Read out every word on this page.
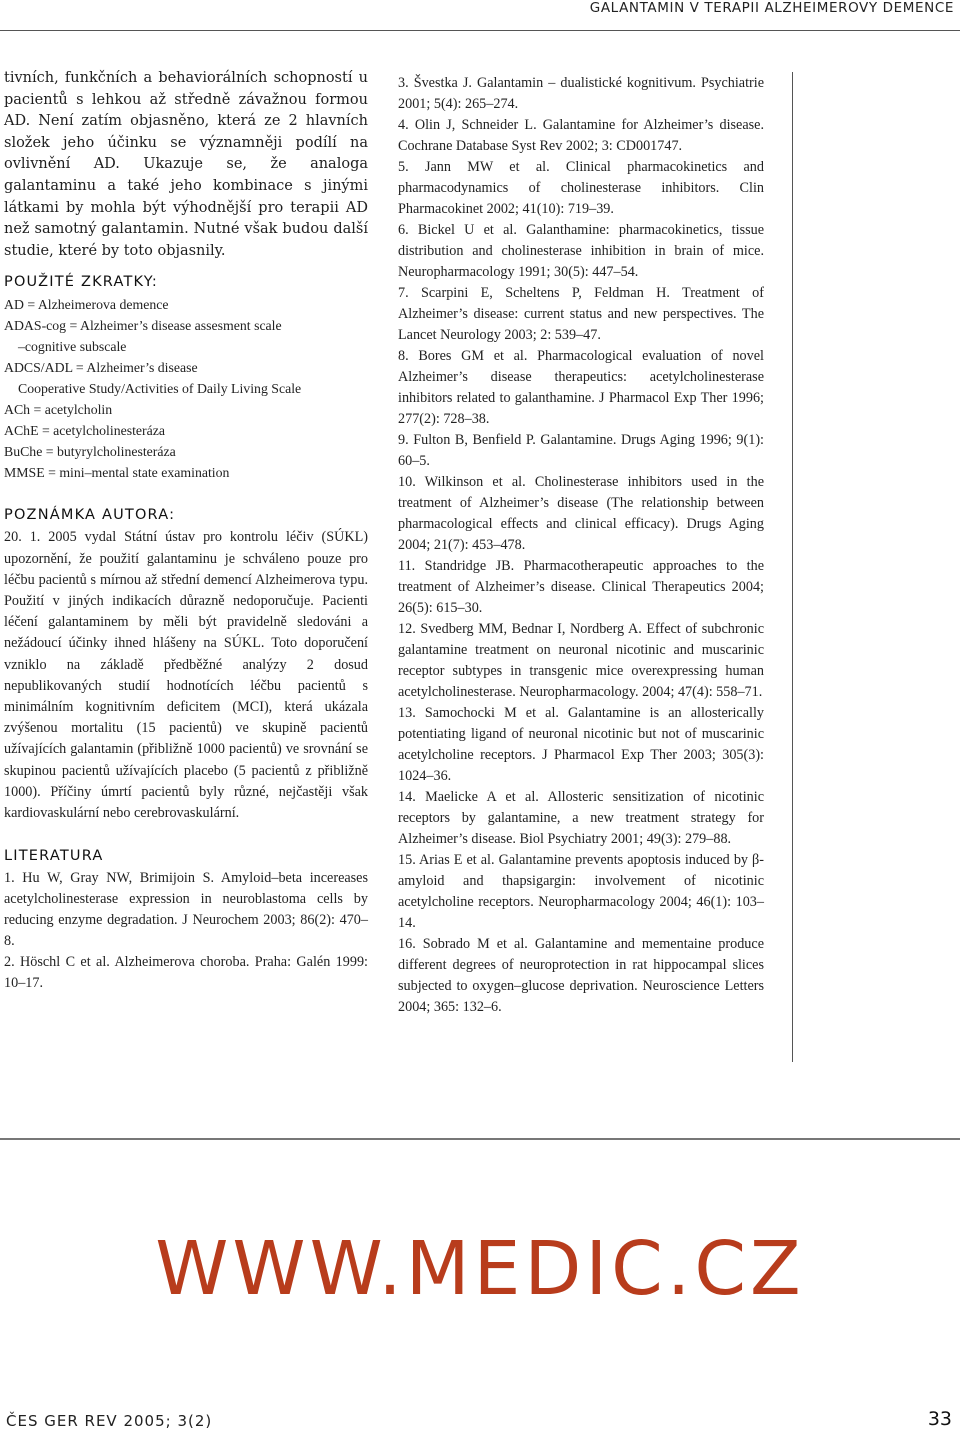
GALANTAMIN V TERAPII ALZHEIMEROVY DEMENCE

tivních, funkčních a behaviorálních schopností u pacientů s lehkou až středně závažnou formou AD. Není zatím objasněno, která ze 2 hlavních složek jeho účinku se významněji podílí na ovlivnění AD. Ukazuje se, že analoga galantaminu a také jeho kombinace s jinými látkami by mohla být výhodnější pro terapii AD než samotný galantamin. Nutné však budou další studie, které by toto objasnily.

POUŽITÉ ZKRATKY:
AD = Alzheimerova demence
ADAS-cog = Alzheimer’s disease assesment scale
–cognitive subscale
ADCS/ADL = Alzheimer’s disease
Cooperative Study/Activities of Daily Living Scale
ACh = acetylcholin
AChE = acetylcholinesteráza
BuChe = butyrylcholinesteráza
MMSE = mini–mental state examination
POZNÁMKA AUTORA:

20. 1. 2005 vydal Státní ústav pro kontrolu léčiv (SÚKL) upozornění, že použití galantaminu je schváleno pouze pro léčbu pacientů s mírnou až střední demencí Alzheimerova typu. Použití v jiných indikacích důrazně nedoporučuje. Pacienti léčení galantaminem by měli být pravidelně sledováni a nežádoucí účinky ihned hlášeny na SÚKL. Toto doporučení vzniklo na základě předběžné analýzy 2 dosud nepublikovaných studií hodnotících léčbu pacientů s minimálním kognitivním deficitem (MCI), která ukázala zvýšenou mortalitu (15 pacientů) ve skupině pacientů užívajících galantamin (přibližně 1000 pacientů) ve srovnání se skupinou pacientů užívajících placebo (5 pacientů z přibližně 1000). Příčiny úmrtí pacientů byly různé, nejčastěji však kardiovaskulární nebo cerebrovaskulární.

LITERATURA
1. Hu W, Gray NW, Brimijoin S. Amyloid–beta incereases acetylcholinesterase expression in neuroblastoma cells by reducing enzyme degradation. J Neurochem 2003; 86(2): 470–8.
2. Höschl C et al. Alzheimerova choroba. Praha: Galén 1999: 10–17.
3. Švestka J. Galantamin – dualistické kognitivum. Psychiatrie 2001; 5(4): 265–274.
4. Olin J, Schneider L. Galantamine for Alzheimer’s disease. Cochrane Database Syst Rev 2002; 3: CD001747.
5. Jann MW et al. Clinical pharmacokinetics and pharmacodynamics of cholinesterase inhibitors. Clin Pharmacokinet 2002; 41(10): 719–39.
6. Bickel U et al. Galanthamine: pharmacokinetics, tissue distribution and cholinesterase inhibition in brain of mice. Neuropharmacology 1991; 30(5): 447–54.
7. Scarpini E, Scheltens P, Feldman H. Treatment of Alzheimer’s disease: current status and new perspectives. The Lancet Neurology 2003; 2: 539–47.
8. Bores GM et al. Pharmacological evaluation of novel Alzheimer’s disease therapeutics: acetylcholinesterase inhibitors related to galanthamine. J Pharmacol Exp Ther 1996; 277(2): 728–38.
9. Fulton B, Benfield P. Galantamine. Drugs Aging 1996; 9(1): 60–5.
10. Wilkinson et al. Cholinesterase inhibitors used in the treatment of Alzheimer’s disease (The relationship between pharmacological effects and clinical efficacy). Drugs Aging 2004; 21(7): 453–478.
11. Standridge JB. Pharmacotherapeutic approaches to the treatment of Alzheimer’s disease. Clinical Therapeutics 2004; 26(5): 615–30.
12. Svedberg MM, Bednar I, Nordberg A. Effect of subchronic galantamine treatment on neuronal nicotinic and muscarinic receptor subtypes in transgenic mice overexpressing human acetylcholinesterase. Neuropharmacology. 2004; 47(4): 558–71.
13. Samochocki M et al. Galantamine is an allosterically potentiating ligand of neuronal nicotinic but not of muscarinic acetylcholine receptors. J Pharmacol Exp Ther 2003; 305(3): 1024–36.
14. Maelicke A et al. Allosteric sensitization of nicotinic receptors by galantamine, a new treatment strategy for Alzheimer’s disease. Biol Psychiatry 2001; 49(3): 279–88.
15. Arias E et al. Galantamine prevents apoptosis induced by β-amyloid and thapsigargin: involvement of nicotinic acetylcholine receptors. Neuropharmacology 2004; 46(1): 103–14.
16. Sobrado M et al. Galantamine and mementaine produce different degrees of neuroprotection in rat hippocampal slices subjected to oxygen–glucose deprivation. Neuroscience Letters 2004; 365: 132–6.
WWW.MEDIC.CZ
ČES GER REV 2005; 3(2)	33
